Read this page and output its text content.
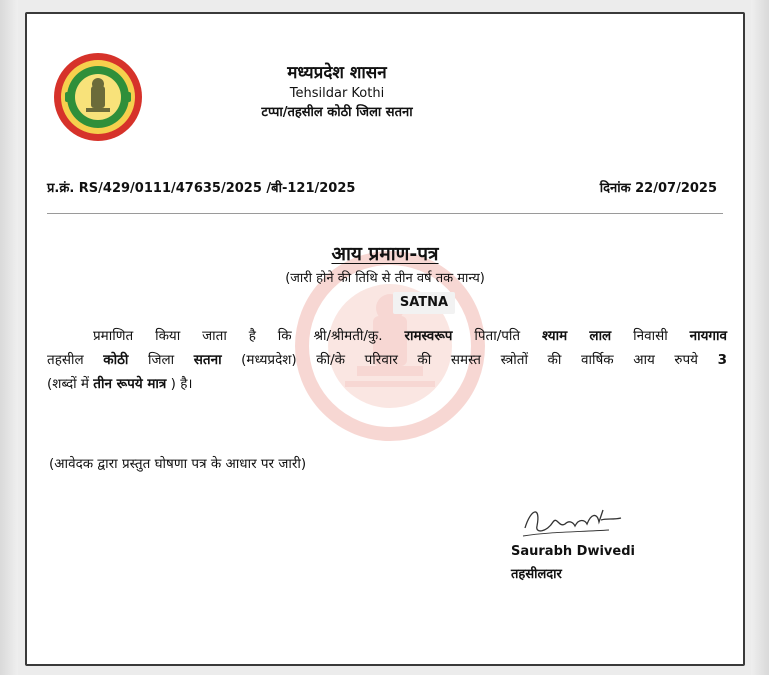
मध्यप्रदेश शासन
Tehsildar Kothi
टप्पा/तहसील कोठी जिला सतना
प्र.क्रं. RS/429/0111/47635/2025 /बी-121/2025	दिनांक 22/07/2025
आय प्रमाण-पत्र
(जारी होने की तिथि से तीन वर्ष तक मान्य)
SATNA
प्रमाणित किया जाता है कि श्री/श्रीमती/कु. रामस्वरूप पिता/पति श्याम लाल निवासी नायगाव
तहसील कोठी जिला सतना (मध्यप्रदेश) की/के परिवार की समस्त स्त्रोतों की वार्षिक आय रुपये 3
(शब्दों में तीन रूपये मात्र ) है।
(आवेदक द्वारा प्रस्तुत घोषणा पत्र के आधार पर जारी)
Saurabh Dwivedi
तहसीलदार
